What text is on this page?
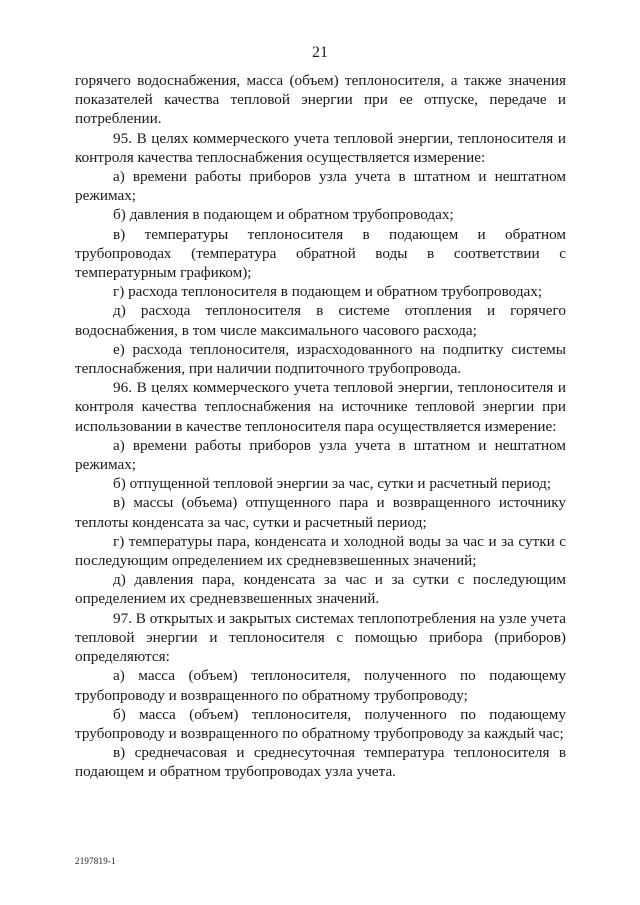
21

горячего водоснабжения, масса (объем) теплоносителя, а также значения показателей качества тепловой энергии при ее отпуске, передаче и потреблении.

95. В целях коммерческого учета тепловой энергии, теплоносителя и контроля качества теплоснабжения осуществляется измерение:

а) времени работы приборов узла учета в штатном и нештатном режимах;

б) давления в подающем и обратном трубопроводах;

в) температуры теплоносителя в подающем и обратном трубопроводах (температура обратной воды в соответствии с температурным графиком);

г) расхода теплоносителя в подающем и обратном трубопроводах;

д) расхода теплоносителя в системе отопления и горячего водоснабжения, в том числе максимального часового расхода;

е) расхода теплоносителя, израсходованного на подпитку системы теплоснабжения, при наличии подпиточного трубопровода.

96. В целях коммерческого учета тепловой энергии, теплоносителя и контроля качества теплоснабжения на источнике тепловой энергии при использовании в качестве теплоносителя пара осуществляется измерение:

а) времени работы приборов узла учета в штатном и нештатном режимах;

б) отпущенной тепловой энергии за час, сутки и расчетный период;

в) массы (объема) отпущенного пара и возвращенного источнику теплоты конденсата за час, сутки и расчетный период;

г) температуры пара, конденсата и холодной воды за час и за сутки с последующим определением их средневзвешенных значений;

д) давления пара, конденсата за час и за сутки с последующим определением их средневзвешенных значений.

97. В открытых и закрытых системах теплопотребления на узле учета тепловой энергии и теплоносителя с помощью прибора (приборов) определяются:

а) масса (объем) теплоносителя, полученного по подающему трубопроводу и возвращенного по обратному трубопроводу;

б) масса (объем) теплоносителя, полученного по подающему трубопроводу и возвращенного по обратному трубопроводу за каждый час;

в) среднечасовая и среднесуточная температура теплоносителя в подающем и обратном трубопроводах узла учета.

2197819-1
